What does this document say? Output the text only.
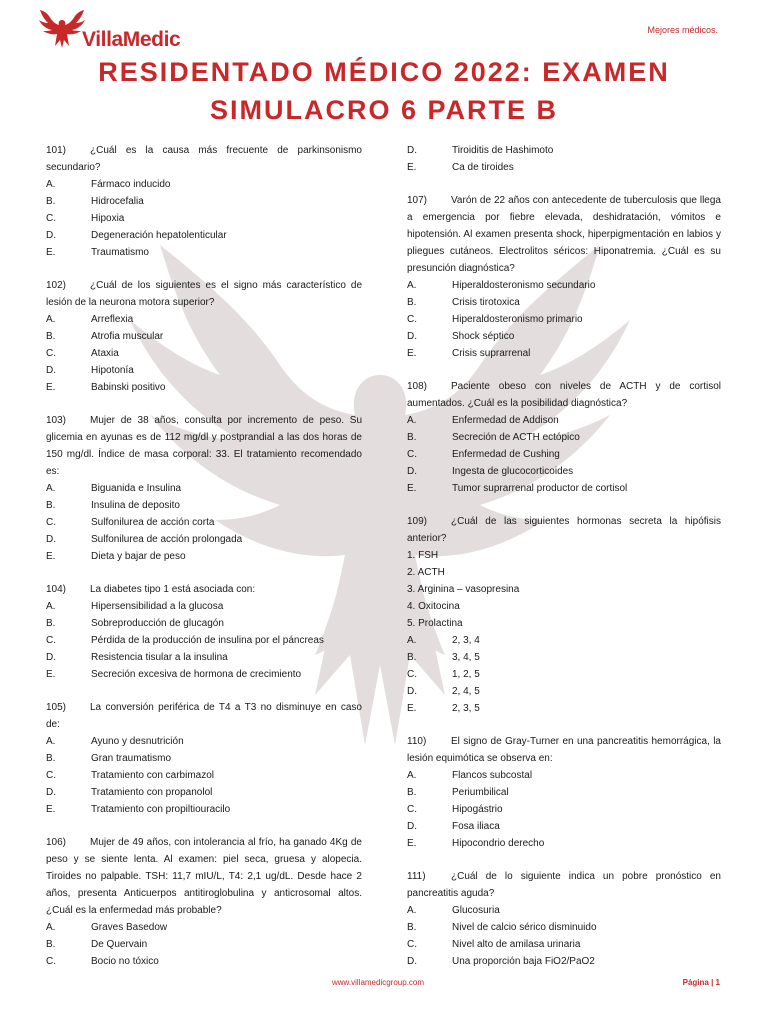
VillaMedic	Mejores médicos.
RESIDENTADO MÉDICO 2022: EXAMEN
SIMULACRO 6 PARTE B
101) ¿Cuál es la causa más frecuente de parkinsonismo secundario?
A.	Fármaco inducido
B.	Hidrocefalia
C.	Hipoxia
D.	Degeneración hepatolenticular
E.	Traumatismo
102) ¿Cuál de los siguientes es el signo más característico de lesión de la neurona motora superior?
A.	Arreflexia
B.	Atrofia muscular
C.	Ataxia
D.	Hipotonía
E.	Babinski positivo
103) Mujer de 38 años, consulta por incremento de peso. Su glicemia en ayunas es de 112 mg/dl y postprandial a las dos horas de 150 mg/dl. Índice de masa corporal: 33. El tratamiento recomendado es:
A.	Biguanida e Insulina
B.	Insulina de deposito
C.	Sulfonilurea de acción corta
D.	Sulfonilurea de acción prolongada
E.	Dieta y bajar de peso
104) La diabetes tipo 1 está asociada con:
A.	Hipersensibilidad a la glucosa
B.	Sobreproducción de glucagón
C.	Pérdida de la producción de insulina por el páncreas
D.	Resistencia tisular a la insulina
E.	Secreción excesiva de hormona de crecimiento
105) La conversión periférica de T4 a T3 no disminuye en caso de:
A.	Ayuno y desnutrición
B.	Gran traumatismo
C.	Tratamiento con carbimazol
D.	Tratamiento con propanolol
E.	Tratamiento con propiltiouracilo
106) Mujer de 49 años, con intolerancia al frío, ha ganado 4Kg de peso y se siente lenta. Al examen: piel seca, gruesa y alopecia. Tiroides no palpable. TSH: 11,7 mIU/L, T4: 2,1 ug/dL. Desde hace 2 años, presenta Anticuerpos antitiroglobulina y anticrosomal altos. ¿Cuál es la enfermedad más probable?
A.	Graves Basedow
B.	De Quervain
C.	Bocio no tóxico
D.	Tiroiditis de Hashimoto
E.	Ca de tiroides
107) Varón de 22 años con antecedente de tuberculosis que llega a emergencia por fiebre elevada, deshidratación, vómitos e hipotensión. Al examen presenta shock, hiperpigmentación en labios y pliegues cutáneos. Electrolitos séricos: Hiponatremia. ¿Cuál es su presunción diagnóstica?
A.	Hiperaldosteronismo secundario
B.	Crisis tirotoxica
C.	Hiperaldosteronismo primario
D.	Shock séptico
E.	Crisis suprarrenal
108) Paciente obeso con niveles de ACTH y de cortisol aumentados. ¿Cuál es la posibilidad diagnóstica?
A.	Enfermedad de Addison
B.	Secreción de ACTH ectópico
C.	Enfermedad de Cushing
D.	Ingesta de glucocorticoides
E.	Tumor suprarrenal productor de cortisol
109) ¿Cuál de las siguientes hormonas secreta la hipófisis anterior?
1. FSH
2. ACTH
3. Arginina – vasopresina
4. Oxitocina
5. Prolactina
A.	2, 3, 4
B.	3, 4, 5
C.	1, 2, 5
D.	2, 4, 5
E.	2, 3, 5
110) El signo de Gray-Turner en una pancreatitis hemorrágica, la lesión equimótica se observa en:
A.	Flancos subcostal
B.	Periumbilical
C.	Hipogástrio
D.	Fosa iliaca
E.	Hipocondrio derecho
111)	¿Cuál de lo siguiente indica un pobre pronóstico en pancreatitis aguda?
A.	Glucosuria
B.	Nivel de calcio sérico disminuido
C.	Nivel alto de amilasa urinaria
D.	Una proporción baja FiO2/PaO2
www.villamedicgroup.com	Página | 1
